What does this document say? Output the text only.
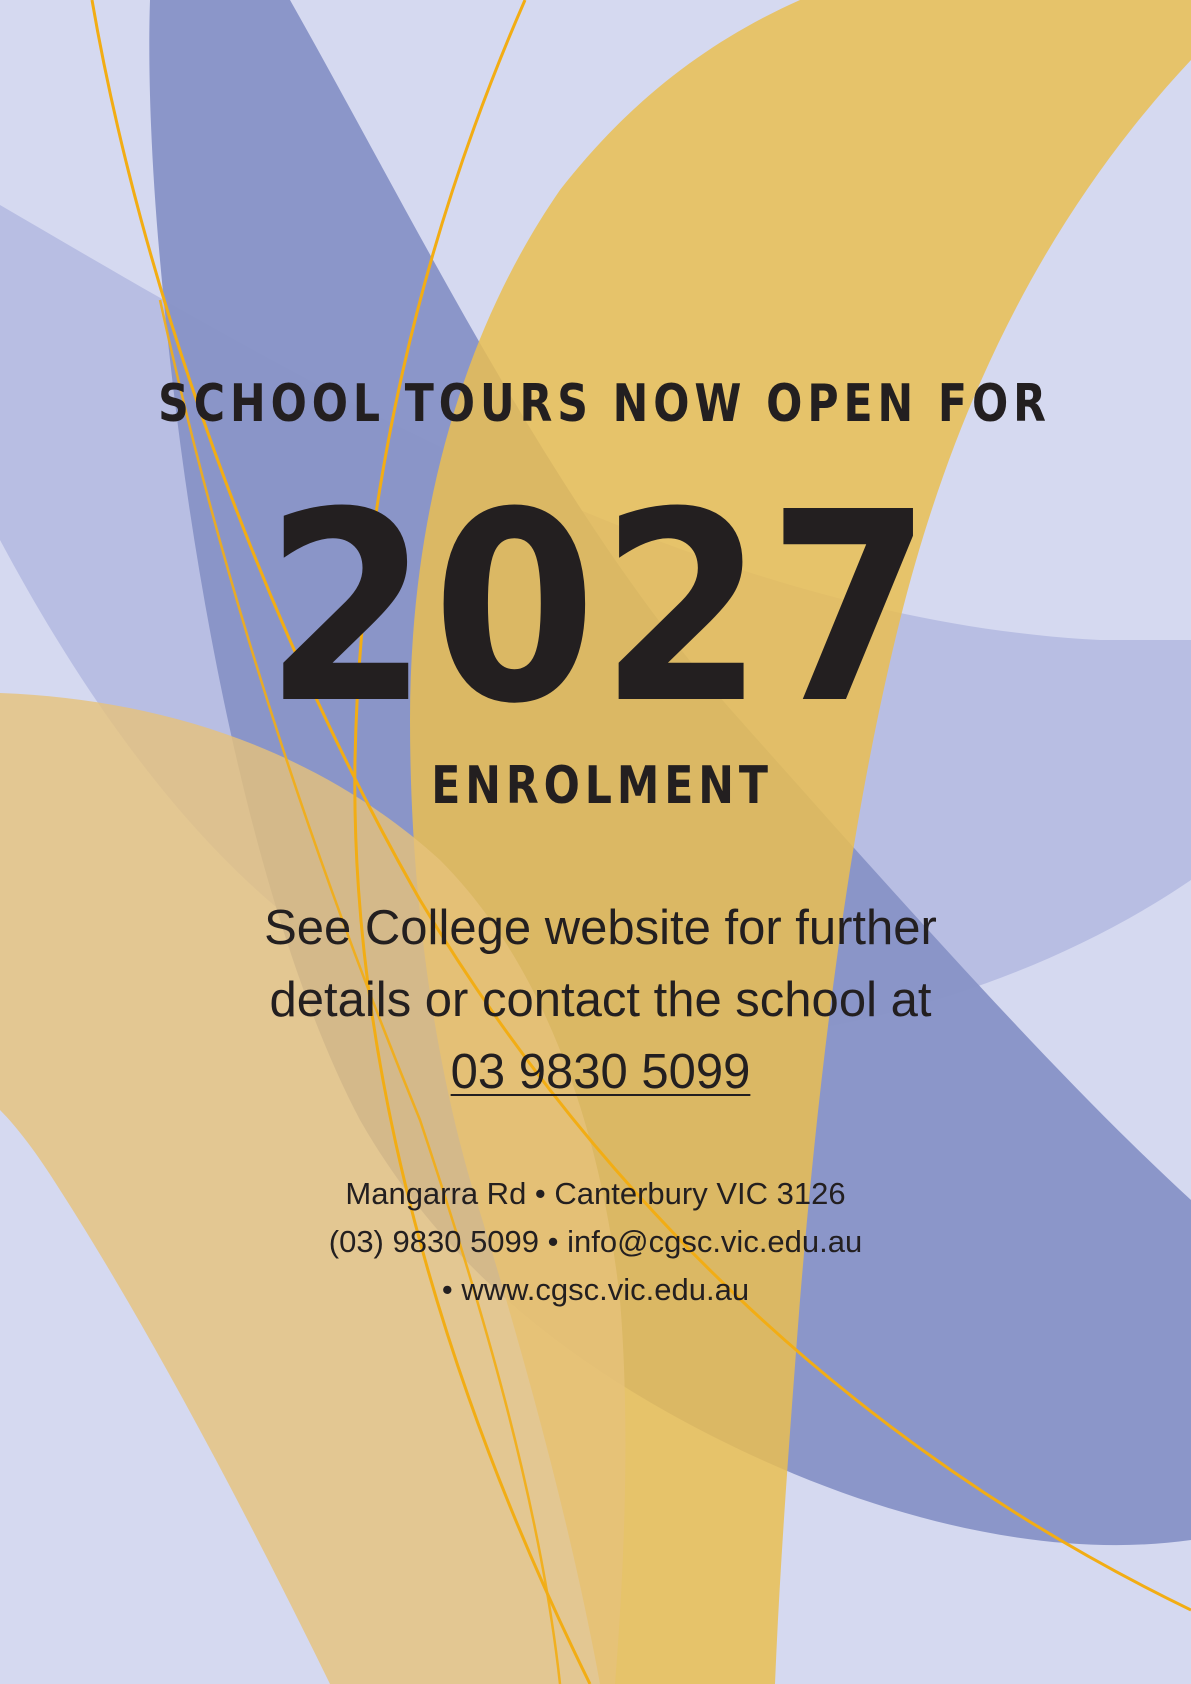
SCHOOL TOURS NOW OPEN FOR
2027
ENROLMENT
See College website for further
details or contact the school at
03 9830 5099
Mangarra Rd • Canterbury VIC 3126
(03) 9830 5099 • info@cgsc.vic.edu.au
• www.cgsc.vic.edu.au
